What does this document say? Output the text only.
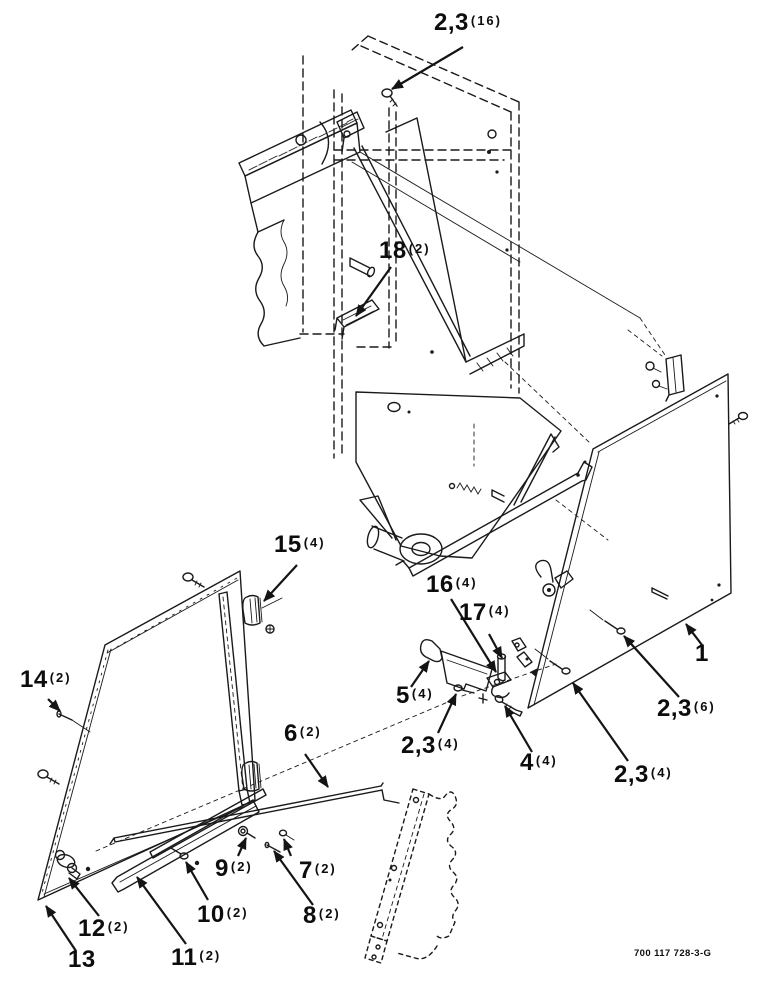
2,3 $^{(16)}$
18 $^{(2)}$
15 $^{(4)}$
16 $^{(4)}$
17 $^{(4)}$
14 $^{(2)}$
5 $^{(4)}$
6 $^{(2)}$
1
2,3 $^{(6)}$
2,3 $^{(4)}$
4 $^{(4)}$
2,3 $^{(4)}$
9 $^{(2)}$ 7 $^{(2)}$
10 $^{(2)}$ 8 $^{(2)}$
12 $^{(2)}$
13	11 $^{(2)}$	700 117 728-3-G
